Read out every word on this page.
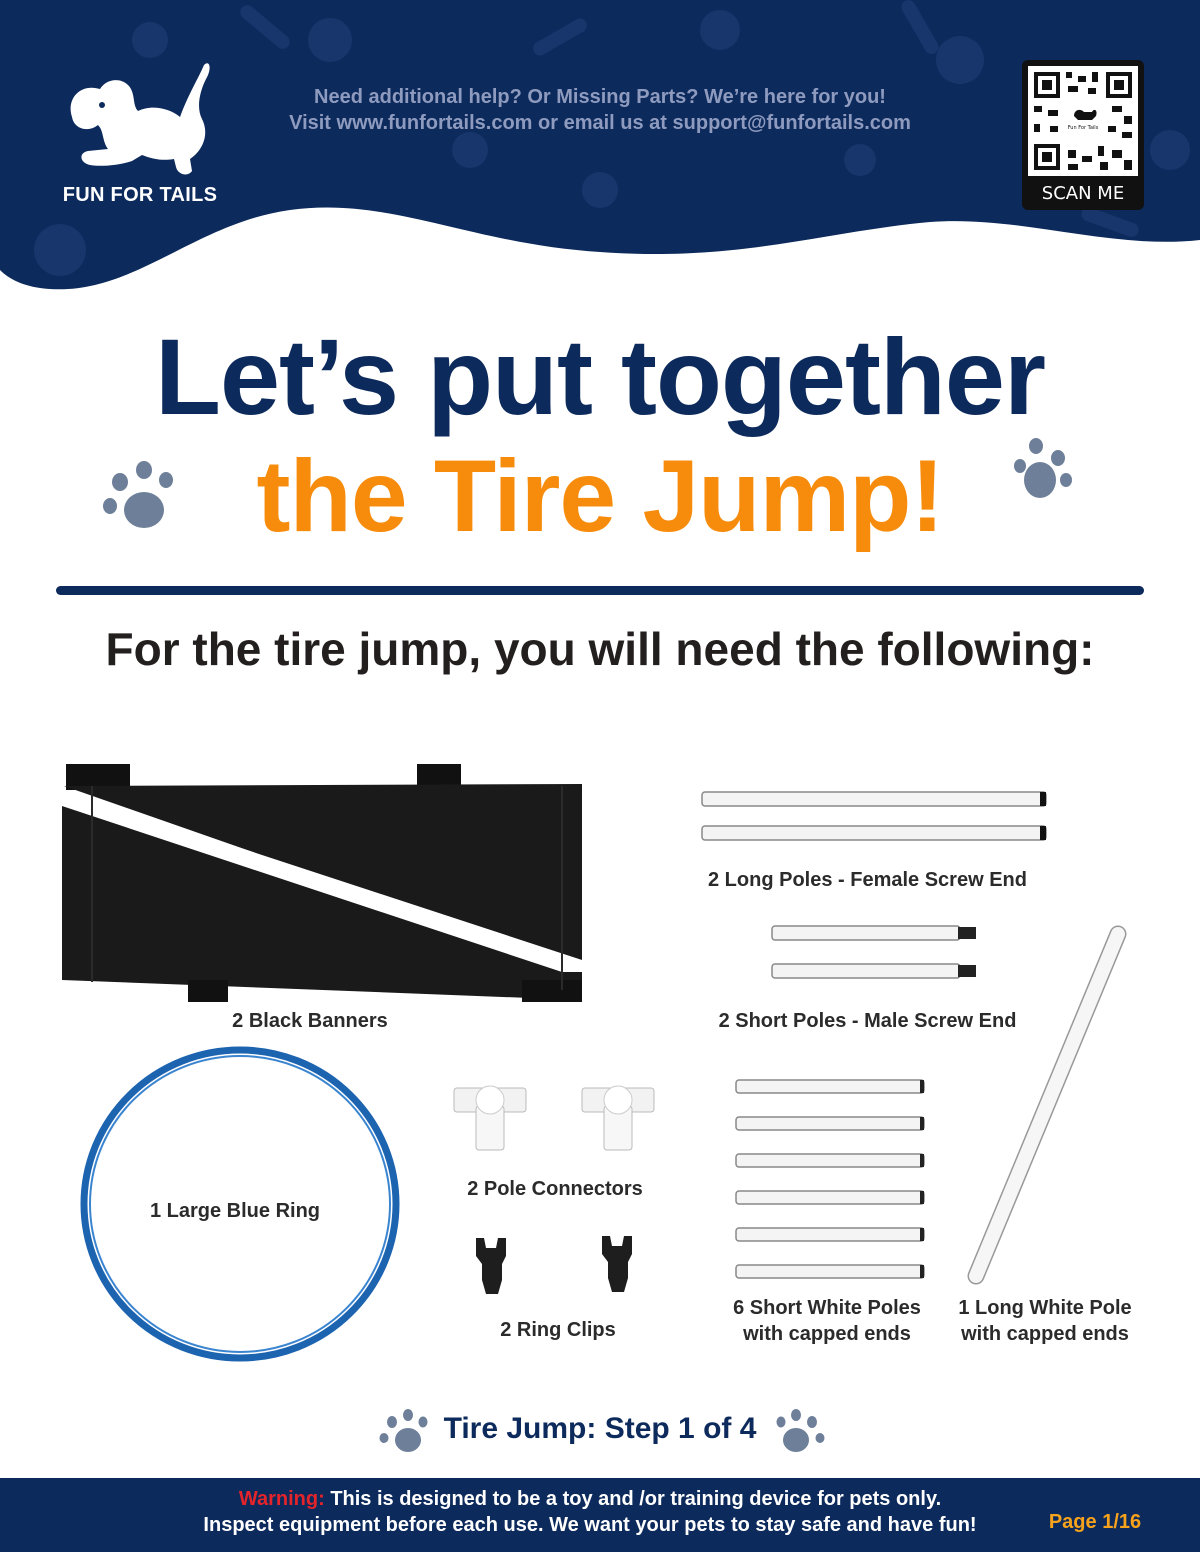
FUN FOR TAILS
Need additional help? Or Missing Parts? We’re here for you!
Visit www.funfortails.com or email us at support@funfortails.com	Fun For Tails
SCAN ME
Let’s put together
the Tire Jump!
For the tire jump, you will need the following:
2 Black Banners
2 Long Poles - Female Screw End
2 Short Poles - Male Screw End
1 Large Blue Ring
2 Pole Connectors
2 Ring Clips
6 Short White Poles
with capped ends
1 Long White Pole
with capped ends
Tire Jump: Step 1 of 4
Warning: This is designed to be a toy and /or training device for pets only.
Inspect equipment before each use. We want your pets to stay safe and have fun!	Page 1/16
